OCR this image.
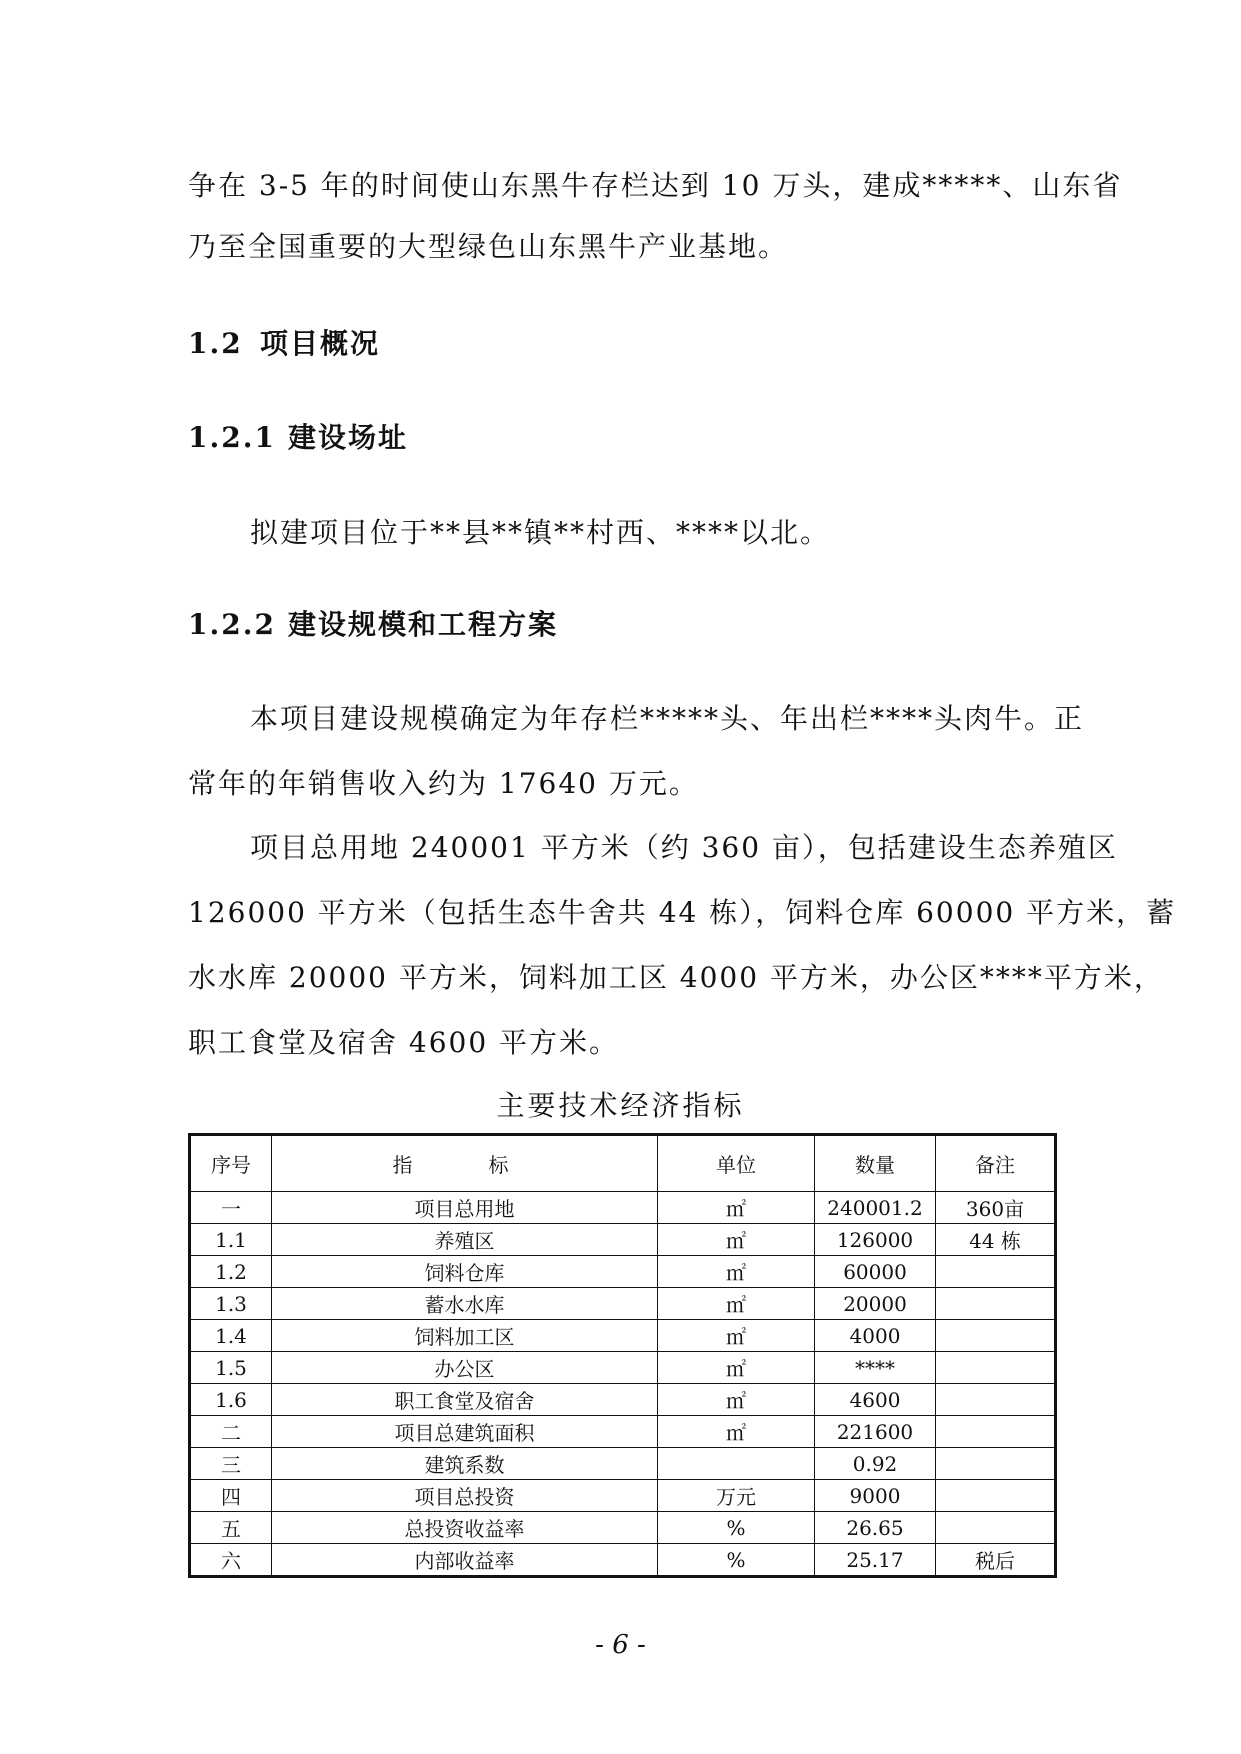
争在 3-5 年的时间使山东黑牛存栏达到 10 万头，建成*****、山东省
乃至全国重要的大型绿色山东黑牛产业基地。
1.2 项目概况
1.2.1 建设场址
拟建项目位于**县**镇**村西、****以北。
1.2.2 建设规模和工程方案
本项目建设规模确定为年存栏*****头、年出栏****头肉牛。正
常年的年销售收入约为 17640 万元。
项目总用地 240001 平方米（约 360 亩），包括建设生态养殖区
126000 平方米（包括生态牛舍共 44 栋），饲料仓库 60000 平方米，蓄
水水库 20000 平方米，饲料加工区 4000 平方米，办公区****平方米，
职工食堂及宿舍 4600 平方米。
主要技术经济指标
序号	指　标	单位	数量	备注
一	项目总用地	㎡	240001.2	360亩
1.1	养殖区	㎡	126000	44 栋
1.2	饲料仓库	㎡	60000	
1.3	蓄水水库	㎡	20000	
1.4	饲料加工区	㎡	4000	
1.5	办公区	㎡	****	
1.6	职工食堂及宿舍	㎡	4600	
二	项目总建筑面积	㎡	221600	
三	建筑系数		0.92	
四	项目总投资	万元	9000	
五	总投资收益率	%	26.65	
六	内部收益率	%	25.17	税后
- 6 -
